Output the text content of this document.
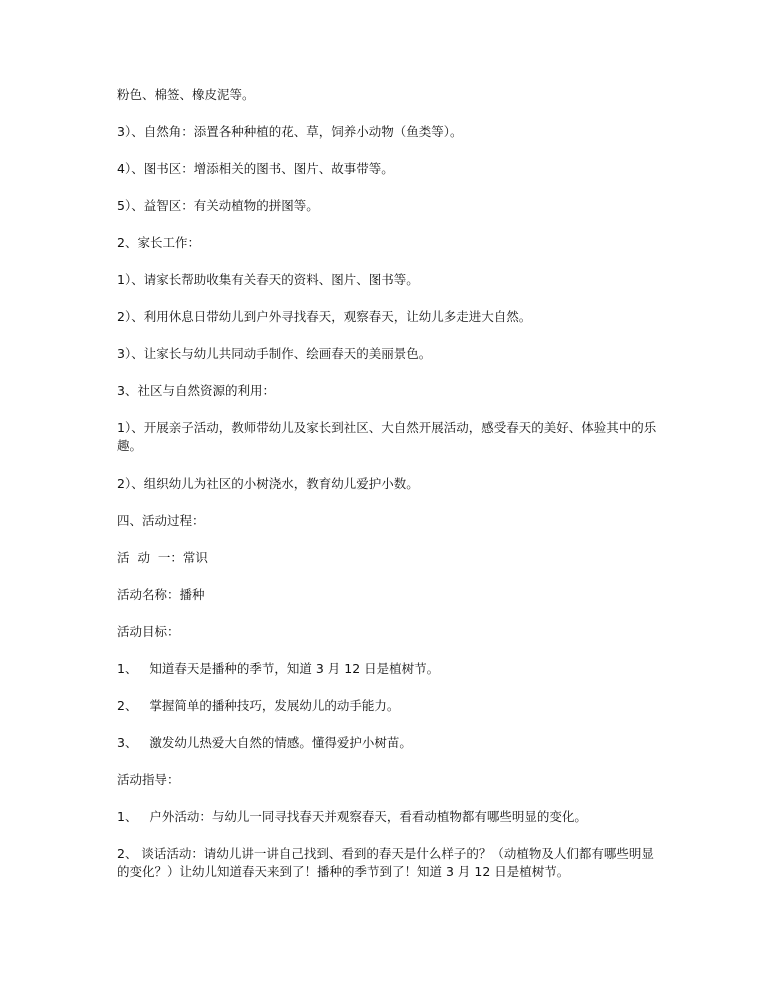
粉色、棉签、橡皮泥等。

3）、自然角：添置各种种植的花、草，饲养小动物（鱼类等）。

4）、图书区：增添相关的图书、图片、故事带等。

5）、益智区：有关动植物的拼图等。

2、家长工作：

1）、请家长帮助收集有关春天的资料、图片、图书等。

2）、利用休息日带幼儿到户外寻找春天，观察春天，让幼儿多走进大自然。

3）、让家长与幼儿共同动手制作、绘画春天的美丽景色。

3、社区与自然资源的利用：

1）、开展亲子活动，教师带幼儿及家长到社区、大自然开展活动，感受春天的美好、体验其中的乐趣。

2）、组织幼儿为社区的小树浇水，教育幼儿爱护小数。

四、活动过程：

活  动  一：常识

活动名称：播种

活动目标：

1、   知道春天是播种的季节，知道 3 月 12 日是植树节。

2、   掌握简单的播种技巧，发展幼儿的动手能力。

3、   激发幼儿热爱大自然的情感。懂得爱护小树苗。

活动指导：

1、   户外活动：与幼儿一同寻找春天并观察春天，看看动植物都有哪些明显的变化。

2、 谈话活动：请幼儿讲一讲自己找到、看到的春天是什么样子的？（动植物及人们都有哪些明显的变化？）让幼儿知道春天来到了！播种的季节到了！知道 3 月 12 日是植树节。
